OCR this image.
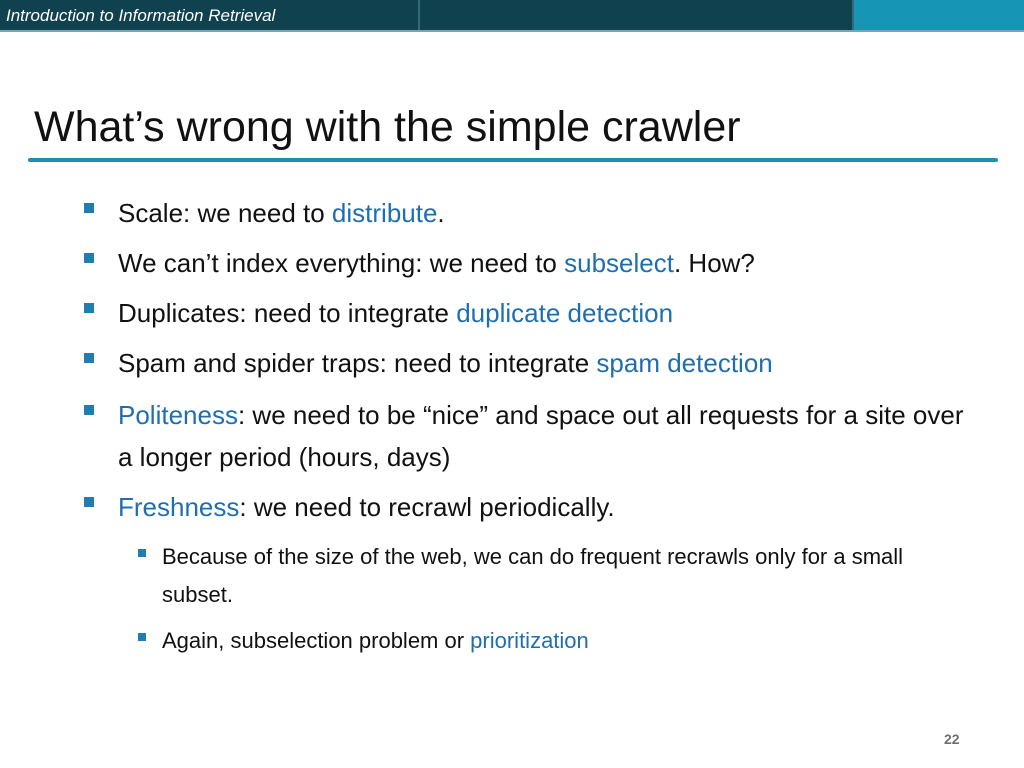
Introduction to Information Retrieval
What’s wrong with the simple crawler
Scale: we need to distribute.
We can’t index everything: we need to subselect. How?
Duplicates: need to integrate duplicate detection
Spam and spider traps: need to integrate spam detection
Politeness: we need to be “nice” and space out all requests for a site over a longer period (hours, days)
Freshness: we need to recrawl periodically.
Because of the size of the web, we can do frequent recrawls only for a small subset.
Again, subselection problem or prioritization
22
